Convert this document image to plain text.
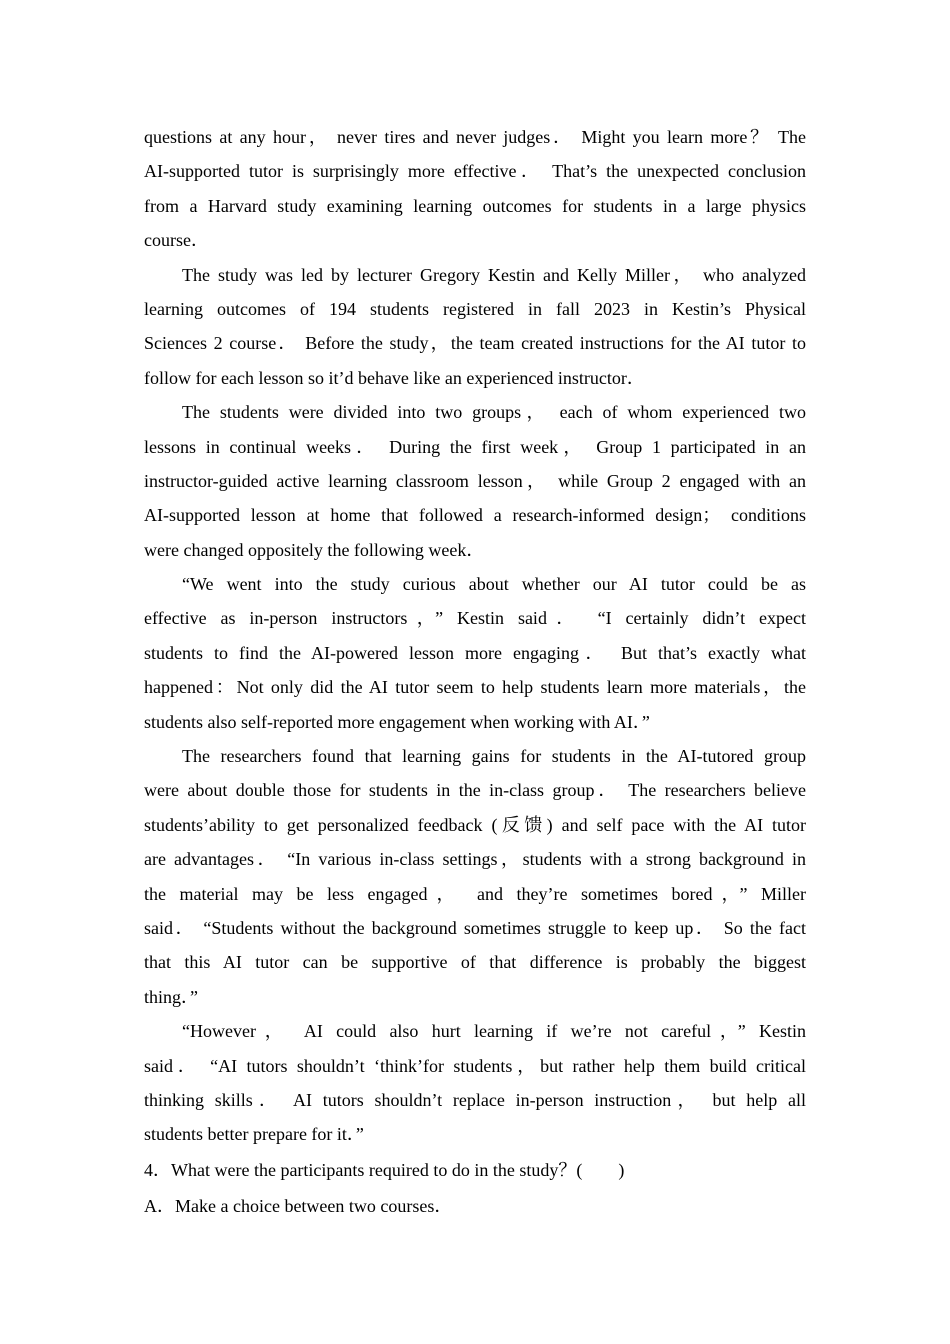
questions at any hour， never tires and never judges． Might you learn more？ The
AI-supported tutor is surprisingly more effective． That’s the unexpected conclusion
from a Harvard study examining learning outcomes for students in a large physics
course．
The study was led by lecturer Gregory Kestin and Kelly Miller， who analyzed
learning outcomes of 194 students registered in fall 2023 in Kestin’s Physical
Sciences 2 course． Before the study，the team created instructions for the AI tutor to
follow for each lesson so it’d behave like an experienced instructor．
The students were divided into two groups， each of whom experienced two
lessons in continual weeks． During the first week， Group 1 participated in an
instructor-guided active learning classroom lesson， while Group 2 engaged with an
AI-supported lesson at home that followed a research-informed design； conditions
were changed oppositely the following week．
“We went into the study curious about whether our AI tutor could be as
effective as in-person instructors，” Kestin said． “I certainly didn’t expect
students to find the AI-powered lesson more engaging． But that’s exactly what
happened：Not only did the AI tutor seem to help students learn more materials，the
students also self-reported more engagement when working with AI．”
The researchers found that learning gains for students in the AI-tutored group
were about double those for students in the in-class group． The researchers believe
students’ability to get personalized feedback (反馈) and self pace with the AI tutor
are advantages． “In various in-class settings，students with a strong background in
the material may be less engaged， and they’re sometimes bored，” Miller
said． “Students without the background sometimes struggle to keep up． So the fact
that this AI tutor can be supportive of that difference is probably the biggest
thing．”
“However， AI could also hurt learning if we’re not careful，” Kestin
said． “AI tutors shouldn’t ‘think’for students，but rather help them build critical
thinking skills． AI tutors shouldn’t replace in-person instruction， but help all
students better prepare for it．”
4．What were the participants required to do in the study？(　　)
A．Make a choice between two courses．
